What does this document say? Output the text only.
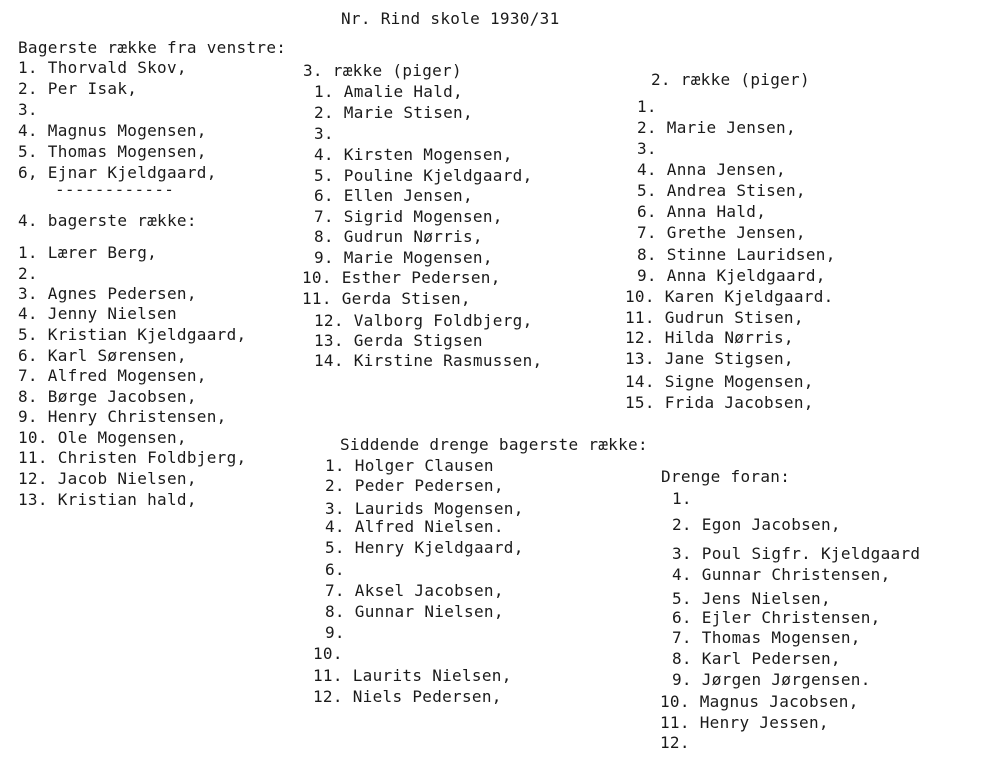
Nr. Rind skole 1930/31
Bagerste række fra venstre:
1. Thorvald Skov,
2. Per Isak,
3.
4. Magnus Mogensen,
5. Thomas Mogensen,
6, Ejnar Kjeldgaard,
------------
4. bagerste række:
1. Lærer Berg,
2.
3. Agnes Pedersen,
4. Jenny Nielsen
5. Kristian Kjeldgaard,
6. Karl Sørensen,
7. Alfred Mogensen,
8. Børge Jacobsen,
9. Henry Christensen,
10. Ole Mogensen,
11. Christen Foldbjerg,
12. Jacob Nielsen,
13. Kristian hald,
3. række (piger)
1. Amalie Hald,
2. Marie Stisen,
3.
4. Kirsten Mogensen,
5. Pouline Kjeldgaard,
6. Ellen Jensen,
7. Sigrid Mogensen,
8. Gudrun Nørris,
9. Marie Mogensen,
10. Esther Pedersen,
11. Gerda Stisen,
12. Valborg Foldbjerg,
13. Gerda Stigsen
14. Kirstine Rasmussen,
2. række (piger)
1.
2. Marie Jensen,
3.
4. Anna Jensen,
5. Andrea Stisen,
6. Anna Hald,
7. Grethe Jensen,
8. Stinne Lauridsen,
9. Anna Kjeldgaard,
10. Karen Kjeldgaard.
11. Gudrun Stisen,
12. Hilda Nørris,
13. Jane Stigsen,
14. Signe Mogensen,
15. Frida Jacobsen,
Siddende drenge bagerste række:
1. Holger Clausen
2. Peder Pedersen,
3. Laurids Mogensen,
4. Alfred Nielsen.
5. Henry Kjeldgaard,
6.
7. Aksel Jacobsen,
8. Gunnar Nielsen,
9.
10.
11. Laurits Nielsen,
12. Niels Pedersen,
Drenge foran:
1.
2. Egon Jacobsen,
3. Poul Sigfr. Kjeldgaard
4. Gunnar Christensen,
5. Jens Nielsen,
6. Ejler Christensen,
7. Thomas Mogensen,
8. Karl Pedersen,
9. Jørgen Jørgensen.
10. Magnus Jacobsen,
11. Henry Jessen,
12.
